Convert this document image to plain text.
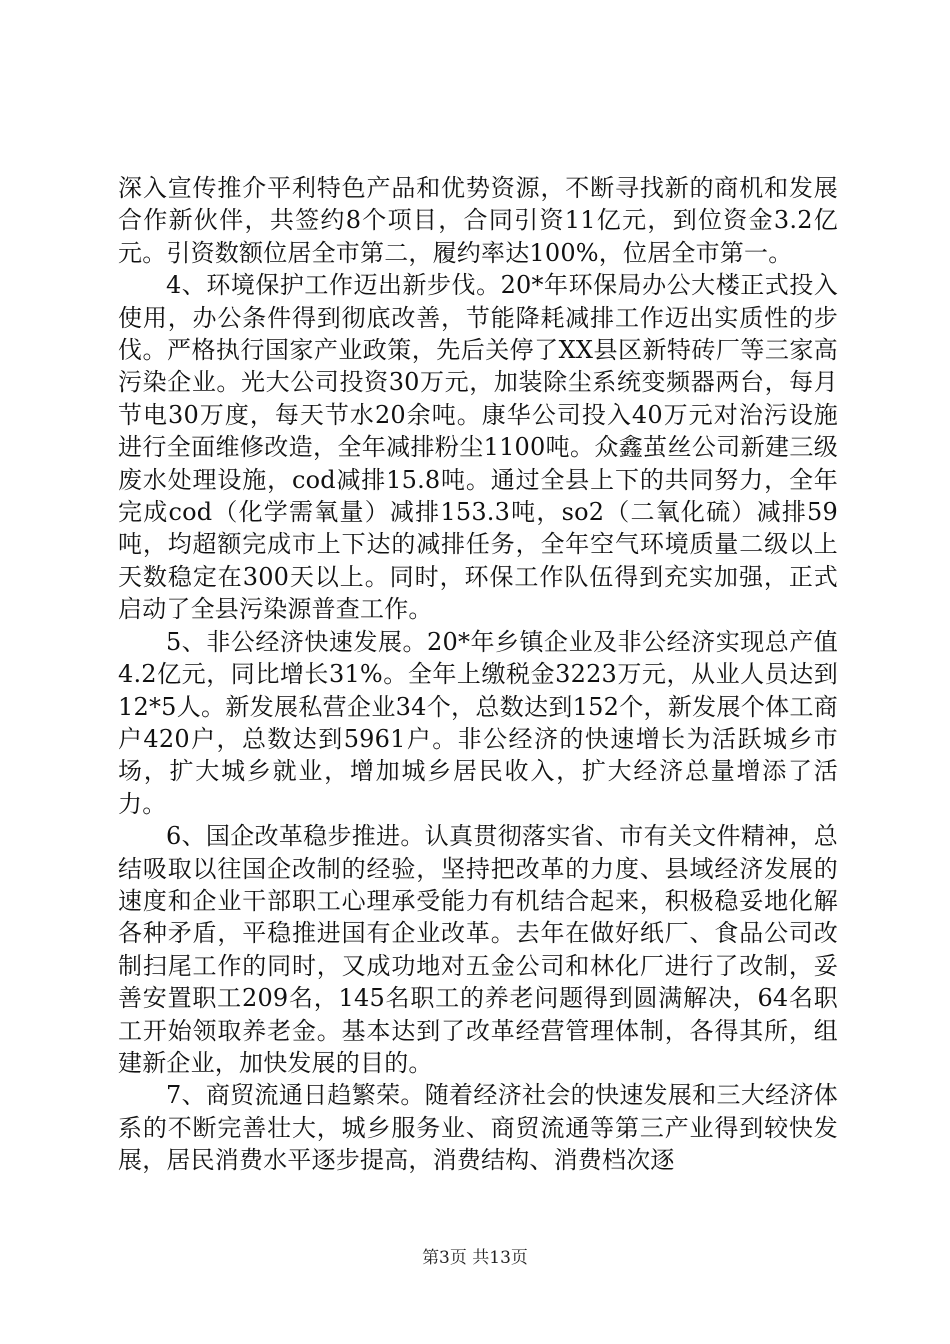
深入宣传推介平利特色产品和优势资源，不断寻找新的商机和发展合作新伙伴，共签约8个项目，合同引资11亿元，到位资金3.2亿元。引资数额位居全市第二，履约率达100%，位居全市第一。

4、环境保护工作迈出新步伐。20*年环保局办公大楼正式投入使用，办公条件得到彻底改善，节能降耗减排工作迈出实质性的步伐。严格执行国家产业政策，先后关停了XX县区新特砖厂等三家高污染企业。光大公司投资30万元，加装除尘系统变频器两台，每月节电30万度，每天节水20余吨。康华公司投入40万元对治污设施进行全面维修改造，全年减排粉尘1100吨。众鑫茧丝公司新建三级废水处理设施，cod减排15.8吨。通过全县上下的共同努力，全年完成cod（化学需氧量）减排153.3吨，so2（二氧化硫）减排59吨，均超额完成市上下达的减排任务，全年空气环境质量二级以上天数稳定在300天以上。同时，环保工作队伍得到充实加强，正式启动了全县污染源普查工作。

5、非公经济快速发展。20*年乡镇企业及非公经济实现总产值4.2亿元，同比增长31%。全年上缴税金3223万元，从业人员达到12*5人。新发展私营企业34个，总数达到152个，新发展个体工商户420户，总数达到5961户。非公经济的快速增长为活跃城乡市场，扩大城乡就业，增加城乡居民收入，扩大经济总量增添了活力。

6、国企改革稳步推进。认真贯彻落实省、市有关文件精神，总结吸取以往国企改制的经验，坚持把改革的力度、县域经济发展的速度和企业干部职工心理承受能力有机结合起来，积极稳妥地化解各种矛盾，平稳推进国有企业改革。去年在做好纸厂、食品公司改制扫尾工作的同时，又成功地对五金公司和林化厂进行了改制，妥善安置职工209名，145名职工的养老问题得到圆满解决，64名职工开始领取养老金。基本达到了改革经营管理体制，各得其所，组建新企业，加快发展的目的。

7、商贸流通日趋繁荣。随着经济社会的快速发展和三大经济体系的不断完善壮大，城乡服务业、商贸流通等第三产业得到较快发展，居民消费水平逐步提高，消费结构、消费档次逐

第3页 共13页
